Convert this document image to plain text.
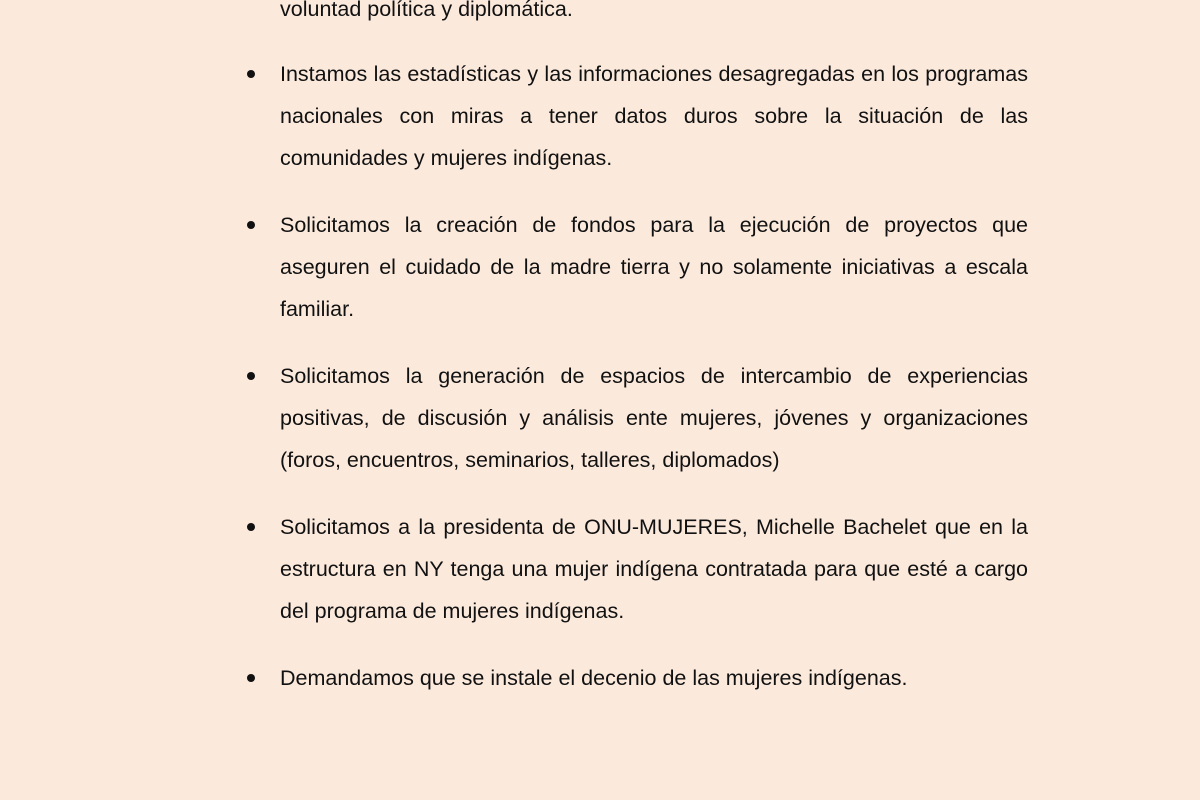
voluntad política y diplomática.

Instamos las estadísticas y las informaciones desagregadas en los programas nacionales con miras a tener datos duros sobre la situación de las comunidades y mujeres indígenas.
Solicitamos la creación de fondos para la ejecución de proyectos que aseguren el cuidado de la madre tierra y no solamente iniciativas a escala familiar.
Solicitamos la generación de espacios de intercambio de experiencias positivas, de discusión y análisis ente mujeres, jóvenes y organizaciones (foros, encuentros, seminarios, talleres, diplomados)
Solicitamos a la presidenta de ONU-MUJERES, Michelle Bachelet que en la estructura en NY tenga una mujer indígena contratada para que esté a cargo del programa de mujeres indígenas.
Demandamos que se instale el decenio de las mujeres indígenas.
